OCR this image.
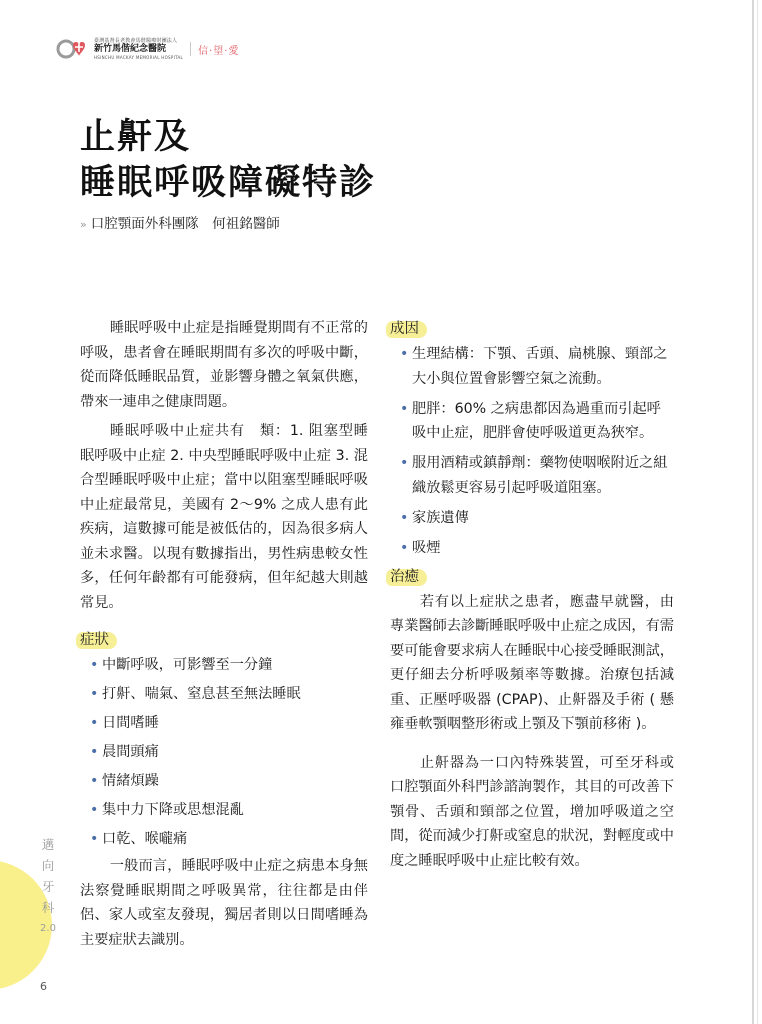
臺灣基督長老教會馬偕醫療財團法人
新竹馬偕紀念醫院
HSINCHU MACKAY MEMORIAL HOSPITAL
信·望·愛
止鼾及
睡眠呼吸障礙特診
» 口腔顎面外科團隊　何祖銘醫師

睡眠呼吸中止症是指睡覺期間有不正常的呼吸，患者會在睡眠期間有多次的呼吸中斷，從而降低睡眠品質，並影響身體之氧氣供應，帶來一連串之健康問題。

睡眠呼吸中止症共有　類：1. 阻塞型睡眠呼吸中止症 2. 中央型睡眠呼吸中止症 3. 混合型睡眠呼吸中止症；當中以阻塞型睡眠呼吸中止症最常見，美國有 2～9% 之成人患有此疾病，這數據可能是被低估的，因為很多病人並未求醫。以現有數據指出，男性病患較女性多，任何年齡都有可能發病，但年紀越大則越常見。

症狀
• 中斷呼吸，可影響至一分鐘
• 打鼾、喘氣、窒息甚至無法睡眠
• 日間嗜睡
• 晨間頭痛
• 情緒煩躁
• 集中力下降或思想混亂
• 口乾、喉嚨痛

一般而言，睡眠呼吸中止症之病患本身無法察覺睡眠期間之呼吸異常，往往都是由伴侶、家人或室友發現，獨居者則以日間嗜睡為主要症狀去識別。

成因
• 生理結構：下顎、舌頭、扁桃腺、頸部之大小與位置會影響空氣之流動。
• 肥胖：60% 之病患都因為過重而引起呼吸中止症，肥胖會使呼吸道更為狹窄。
• 服用酒精或鎮靜劑：藥物使咽喉附近之組織放鬆更容易引起呼吸道阻塞。
• 家族遺傳
• 吸煙
治癒

若有以上症狀之患者，應盡早就醫，由專業醫師去診斷睡眠呼吸中止症之成因，有需要可能會要求病人在睡眠中心接受睡眠測試，更仔細去分析呼吸頻率等數據。治療包括減重、正壓呼吸器 (CPAP)、止鼾器及手術 ( 懸雍垂軟顎咽整形術或上顎及下顎前移術 )。

止鼾器為一口內特殊裝置，可至牙科或口腔顎面外科門診諮詢製作，其目的可改善下顎骨、舌頭和頸部之位置，增加呼吸道之空間，從而減少打鼾或窒息的狀況，對輕度或中度之睡眠呼吸中止症比較有效。

邁
向
牙
科
2.0
6
